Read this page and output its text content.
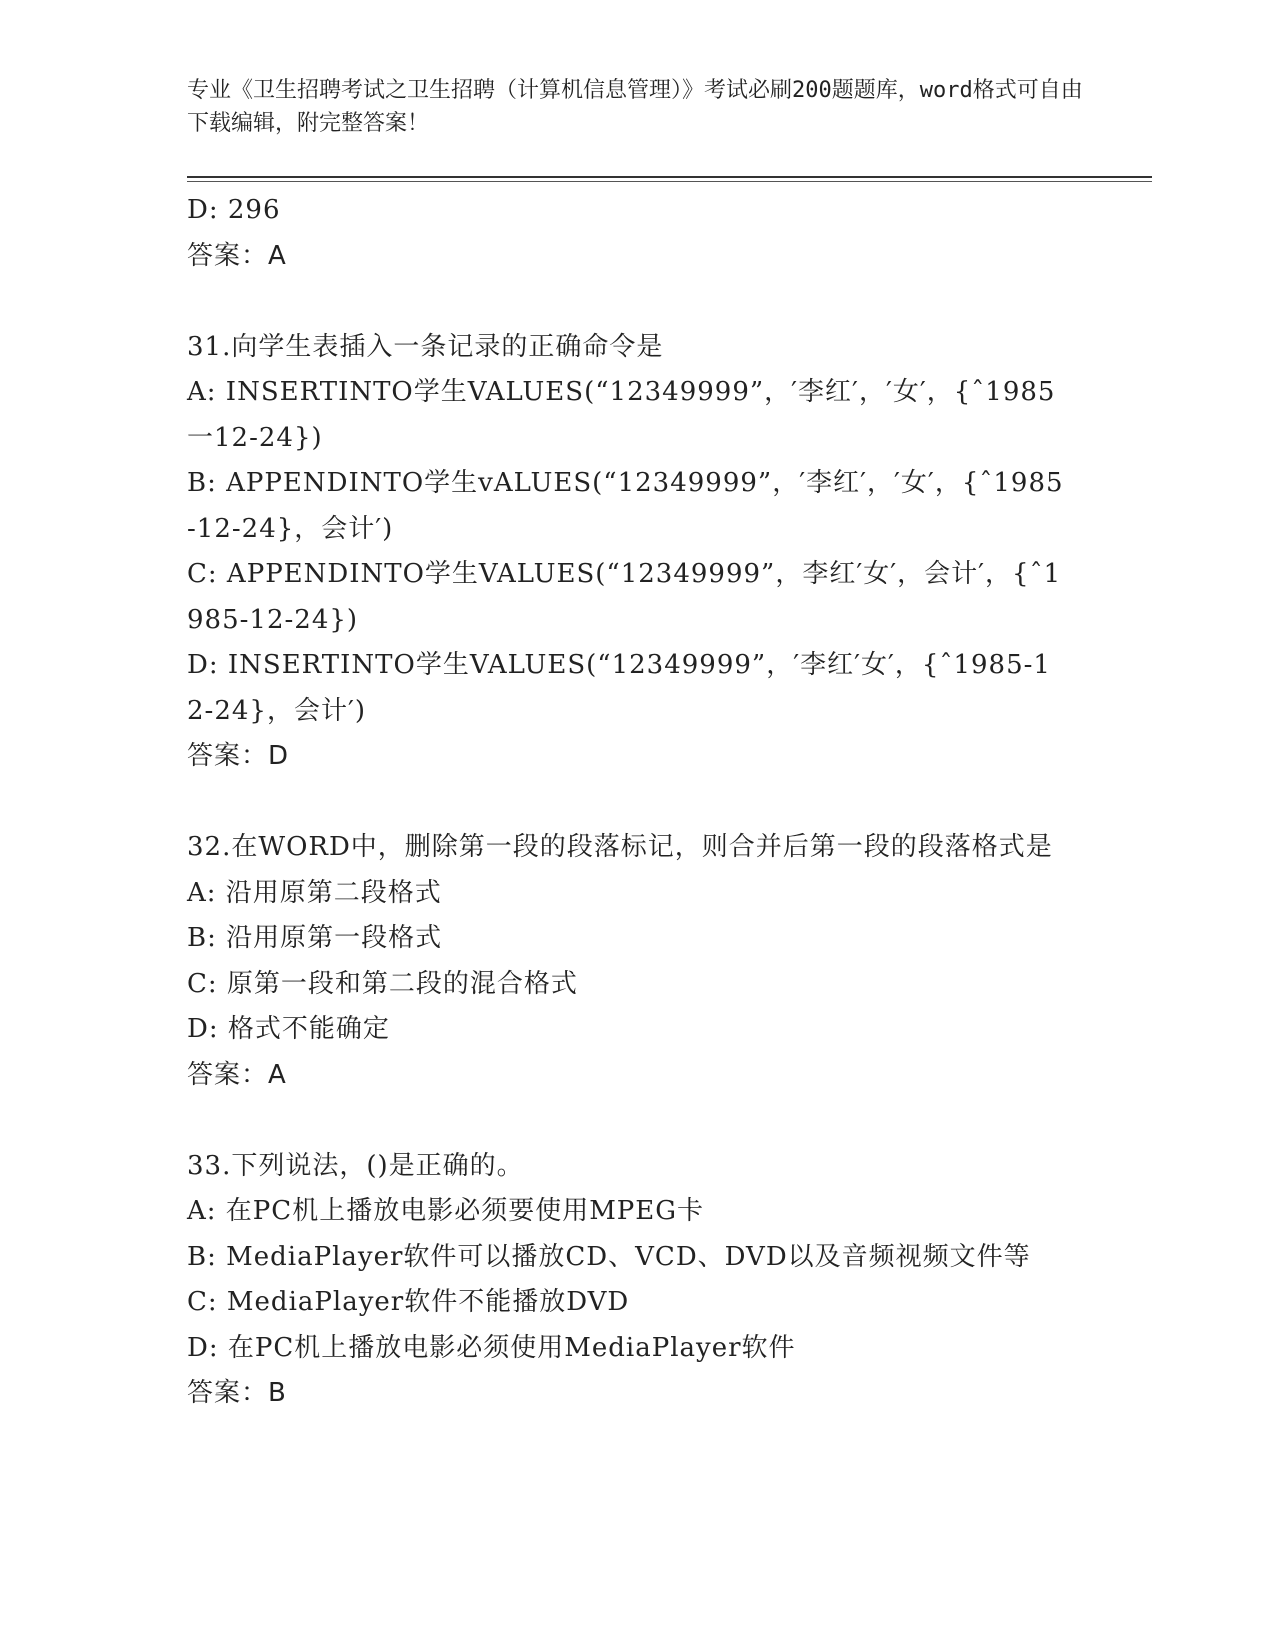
专业《卫生招聘考试之卫生招聘（计算机信息管理）》考试必刷200题题库，word格式可自由下载编辑，附完整答案！
D: 296
答案：A
31.向学生表插入一条记录的正确命令是
A: INSERTINTO学生VALUES(“12349999”，′李红′，′女′，{ˆ1985一12-24})
B: APPENDINTO学生vALUES(“12349999”，′李红′，′女′，{ˆ1985-12-24}，会计′)
C: APPENDINTO学生VALUES(“12349999”，李红′女′，会计′，{ˆ1985-12-24})
D: INSERTINTO学生VALUES(“12349999”，′李红′女′，{ˆ1985-12-24}，会计′)
答案：D
32.在WORD中，删除第一段的段落标记，则合并后第一段的段落格式是
A: 沿用原第二段格式
B: 沿用原第一段格式
C: 原第一段和第二段的混合格式
D: 格式不能确定
答案：A
33.下列说法，()是正确的。
A: 在PC机上播放电影必须要使用MPEG卡
B: MediaPlayer软件可以播放CD、VCD、DVD以及音频视频文件等
C: MediaPlayer软件不能播放DVD
D: 在PC机上播放电影必须使用MediaPlayer软件
答案：B
